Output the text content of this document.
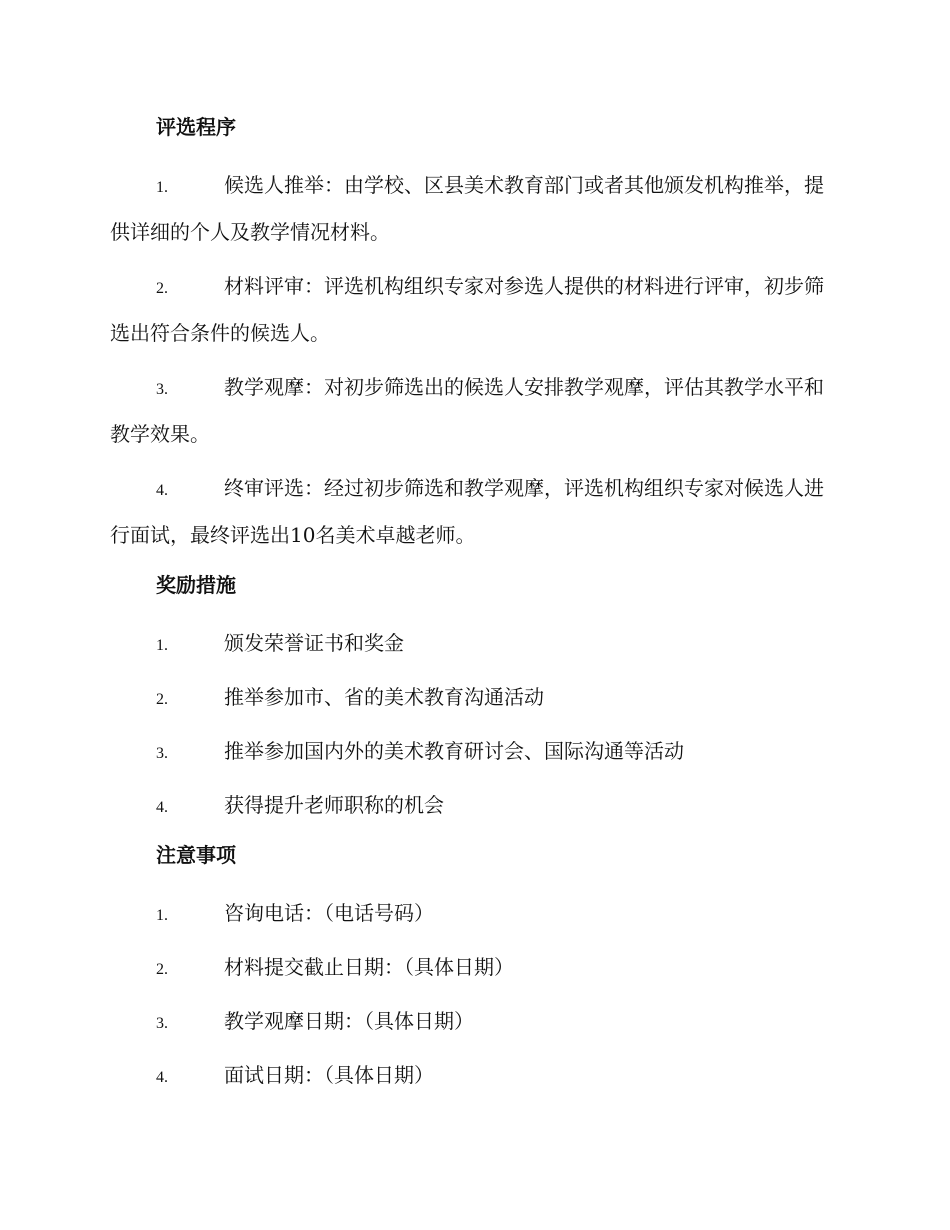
评选程序
1.	候选人推举：由学校、区县美术教育部门或者其他颁发机构推举，提供详细的个人及教学情况材料。
2.	材料评审：评选机构组织专家对参选人提供的材料进行评审，初步筛选出符合条件的候选人。
3.	教学观摩：对初步筛选出的候选人安排教学观摩，评估其教学水平和教学效果。
4.	终审评选：经过初步筛选和教学观摩，评选机构组织专家对候选人进行面试，最终评选出10名美术卓越老师。
奖励措施
1.	颁发荣誉证书和奖金
2.	推举参加市、省的美术教育沟通活动
3.	推举参加国内外的美术教育研讨会、国际沟通等活动
4.	获得提升老师职称的机会
注意事项
1.	咨询电话：（电话号码）
2.	材料提交截止日期：（具体日期）
3.	教学观摩日期：（具体日期）
4.	面试日期：（具体日期）
